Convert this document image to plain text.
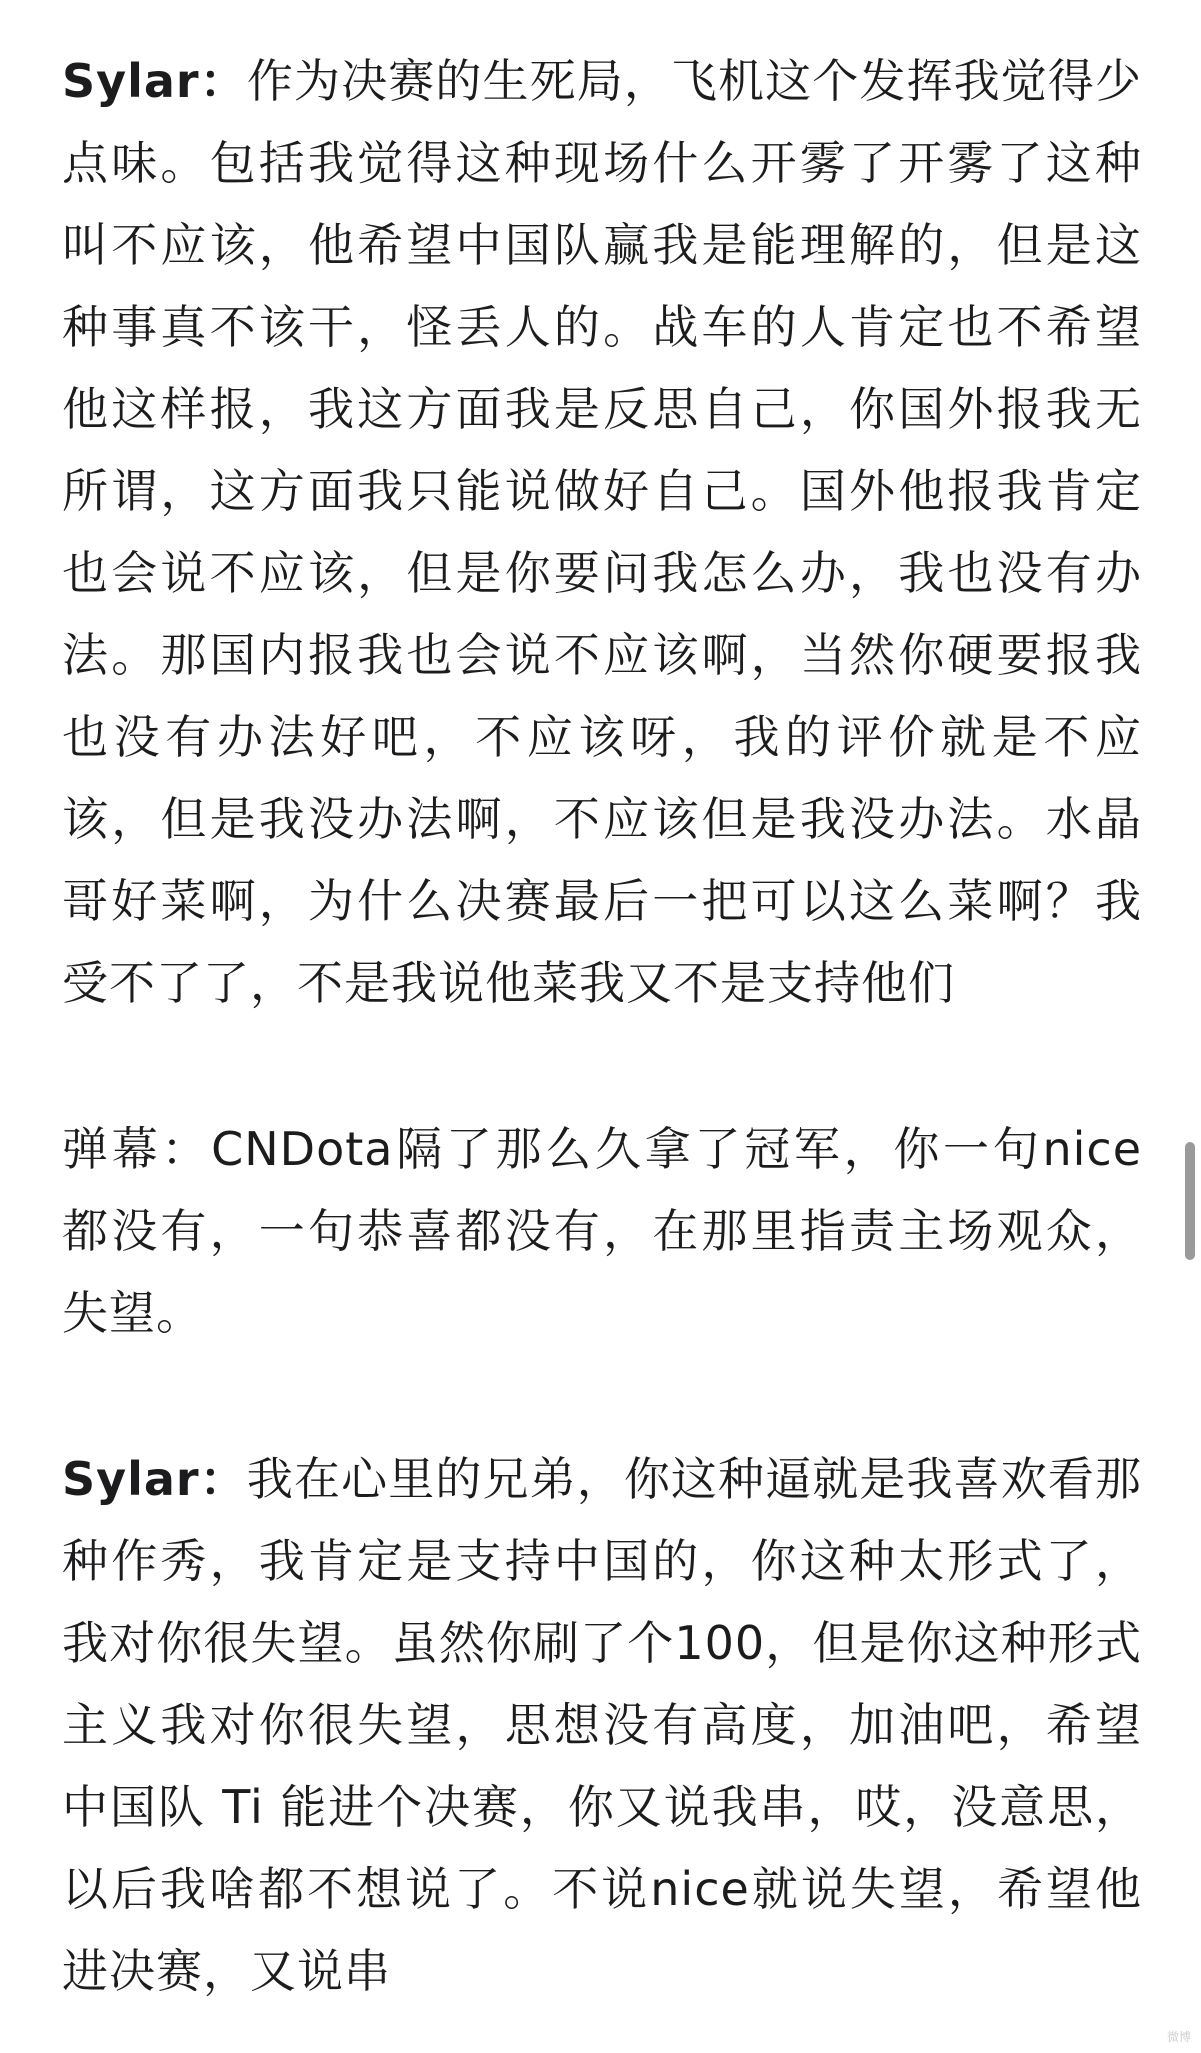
Sylar：作为决赛的生死局，飞机这个发挥我觉得少点味。包括我觉得这种现场什么开雾了开雾了这种叫不应该，他希望中国队赢我是能理解的，但是这种事真不该干，怪丢人的。战车的人肯定也不希望他这样报，我这方面我是反思自己，你国外报我无所谓，这方面我只能说做好自己。国外他报我肯定也会说不应该，但是你要问我怎么办，我也没有办法。那国内报我也会说不应该啊，当然你硬要报我也没有办法好吧，不应该呀，我的评价就是不应该，但是我没办法啊，不应该但是我没办法。水晶哥好菜啊，为什么决赛最后一把可以这么菜啊？我受不了了，不是我说他菜我又不是支持他们

弹幕：CNDota隔了那么久拿了冠军，你一句nice都没有，一句恭喜都没有，在那里指责主场观众，失望。

Sylar：我在心里的兄弟，你这种逼就是我喜欢看那种作秀，我肯定是支持中国的，你这种太形式了，我对你很失望。虽然你刷了个100，但是你这种形式主义我对你很失望，思想没有高度，加油吧，希望中国队 Ti 能进个决赛，你又说我串，哎，没意思，以后我啥都不想说了。不说nice就说失望，希望他进决赛，又说串

微博
